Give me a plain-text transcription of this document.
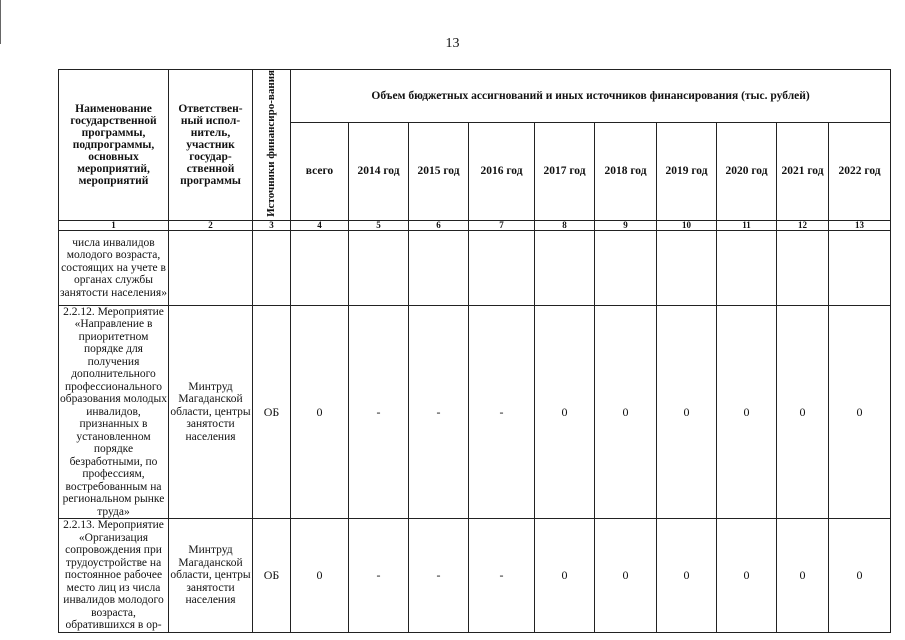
13
Наименование государственной программы, подпрограммы, основных мероприятий, мероприятий	Ответствен-ный испол-нитель, участник государ-ственной программы	Источники финансиро-вания	Объем бюджетных ассигнований и иных источников финансирования (тыс. рублей)									
			всего	2014 год	2015 год	2016 год	2017 год	2018 год	2019 год	2020 год	2021 год	2022 год
1	2	3	4	5	6	7	8	9	10	11	12	13
числа инвалидов молодого возраста, состоящих на учете в органах службы занятости населения»												
2.2.12. Мероприятие «Направление в приоритетном порядке для получения дополнительного профессионального образования молодых инвалидов, признанных в установленном порядке безработными, по профессиям, востребованным на региональном рынке труда»	Минтруд Магаданской области, центры занятости населения	ОБ	0	-	-	-	0	0	0	0	0	0
2.2.13. Мероприятие «Организация сопровождения при трудоустройстве на постоянное рабочее место лиц из числа инвалидов молодого возраста, обратившихся в ор-	Минтруд Магаданской области, центры занятости населения	ОБ	0	-	-	-	0	0	0	0	0	0
